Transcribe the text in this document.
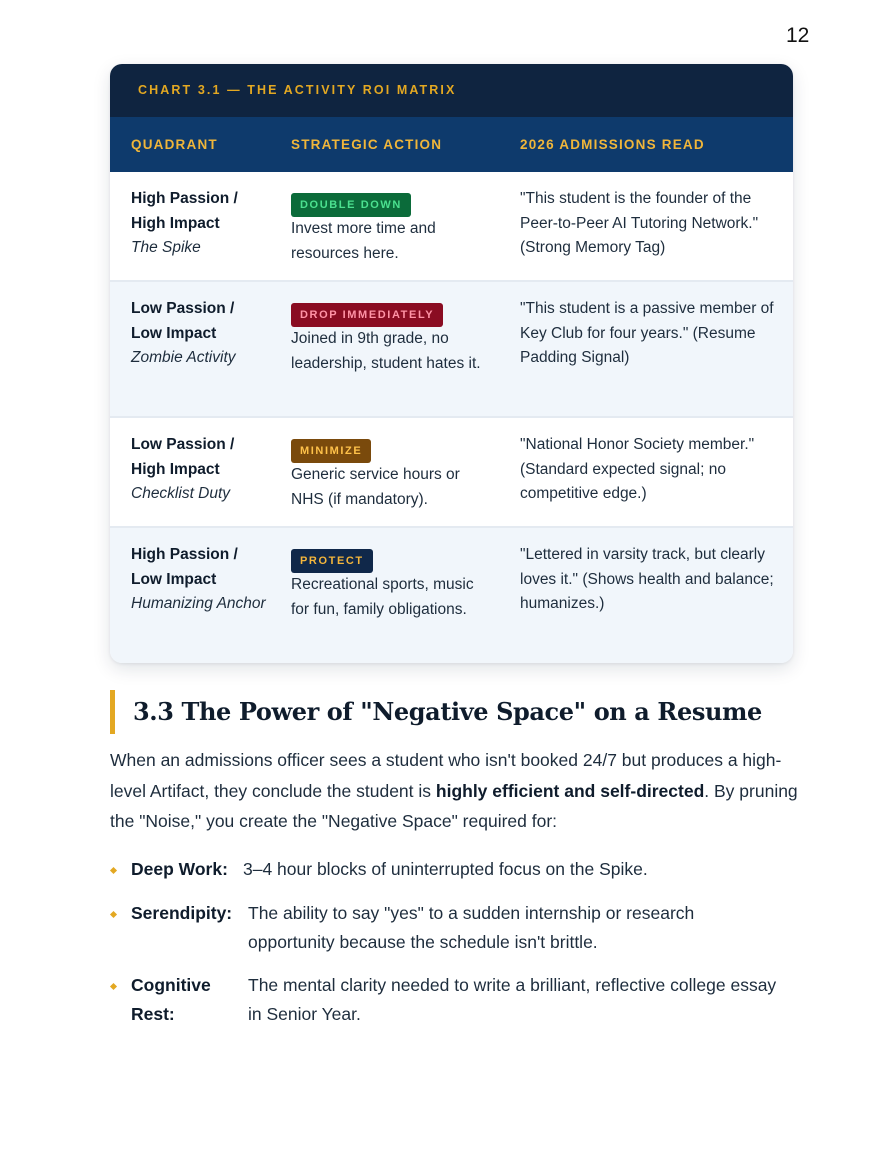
12
CHART 3.1 — THE ACTIVITY ROI MATRIX
QUADRANT	STRATEGIC ACTION	2026 ADMISSIONS READ
High Passion /
High Impact
The Spike
DOUBLE DOWN
Invest more time and resources here.
"This student is the founder of the Peer-to-Peer AI Tutoring Network." (Strong Memory Tag)
Low Passion /
Low Impact
Zombie Activity
DROP IMMEDIATELY
Joined in 9th grade, no leadership, student hates it.
"This student is a passive member of Key Club for four years." (Resume Padding Signal)
Low Passion /
High Impact
Checklist Duty
MINIMIZE
Generic service hours or NHS (if mandatory).
"National Honor Society member." (Standard expected signal; no competitive edge.)
High Passion /
Low Impact
Humanizing Anchor
PROTECT
Recreational sports, music for fun, family obligations.
"Lettered in varsity track, but clearly loves it." (Shows health and balance; humanizes.)
3.3 The Power of "Negative Space" on a Resume

When an admissions officer sees a student who isn't booked 24/7 but produces a high-level Artifact, they conclude the student is highly efficient and self-directed. By pruning the "Noise," you create the "Negative Space" required for:

Deep Work: 3–4 hour blocks of uninterrupted focus on the Spike.
Serendipity: The ability to say "yes" to a sudden internship or research opportunity because the schedule isn't brittle.
Cognitive Rest:
The mental clarity needed to write a brilliant, reflective college essay in Senior Year.
